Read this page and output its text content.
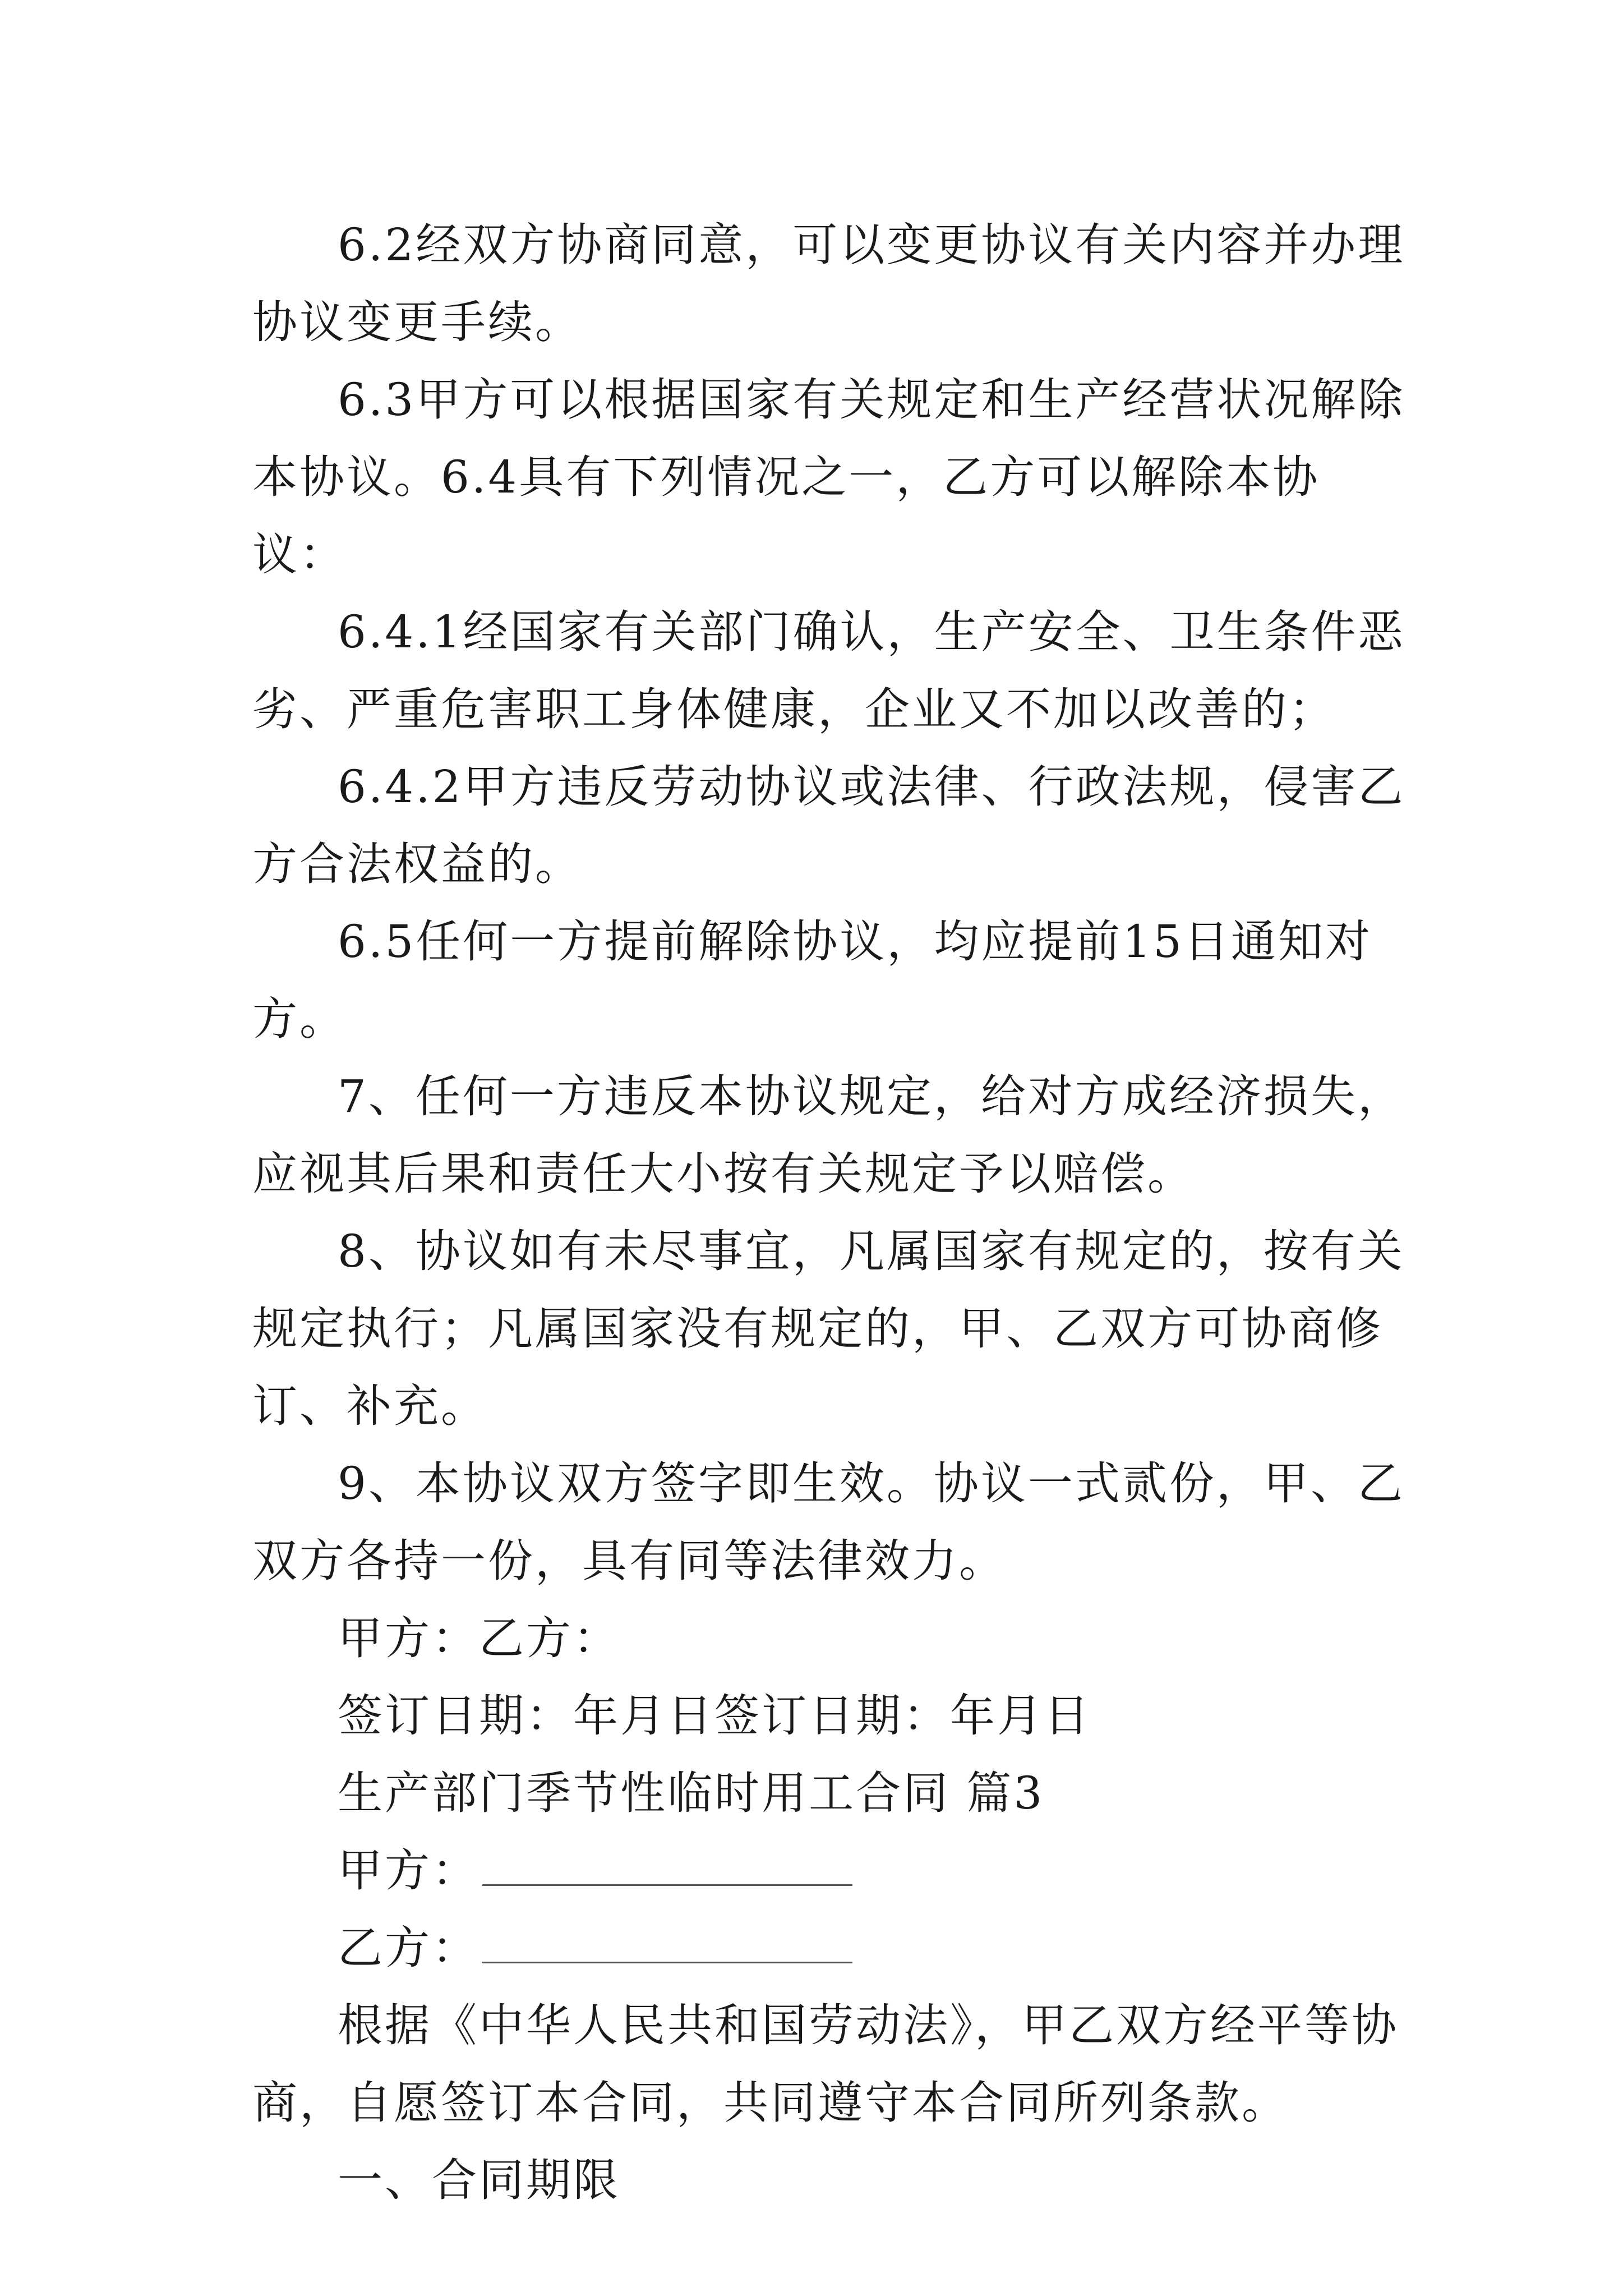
6.2经双方协商同意，可以变更协议有关内容并办理协议变更手续。

6.3甲方可以根据国家有关规定和生产经营状况解除本协议。6.4具有下列情况之一，乙方可以解除本协议：

6.4.1经国家有关部门确认，生产安全、卫生条件恶劣、严重危害职工身体健康，企业又不加以改善的；

6.4.2甲方违反劳动协议或法律、行政法规，侵害乙方合法权益的。

6.5任何一方提前解除协议，均应提前15日通知对方。

7、任何一方违反本协议规定，给对方成经济损失，应视其后果和责任大小按有关规定予以赔偿。

8、协议如有未尽事宜，凡属国家有规定的，按有关规定执行；凡属国家没有规定的，甲、乙双方可协商修订、补充。

9、本协议双方签字即生效。协议一式贰份，甲、乙双方各持一份，具有同等法律效力。

甲方：乙方：

签订日期：年月日签订日期：年月日

生产部门季节性临时用工合同 篇3

甲方：

乙方：

根据《中华人民共和国劳动法》，甲乙双方经平等协商，自愿签订本合同，共同遵守本合同所列条款。

一、合同期限
